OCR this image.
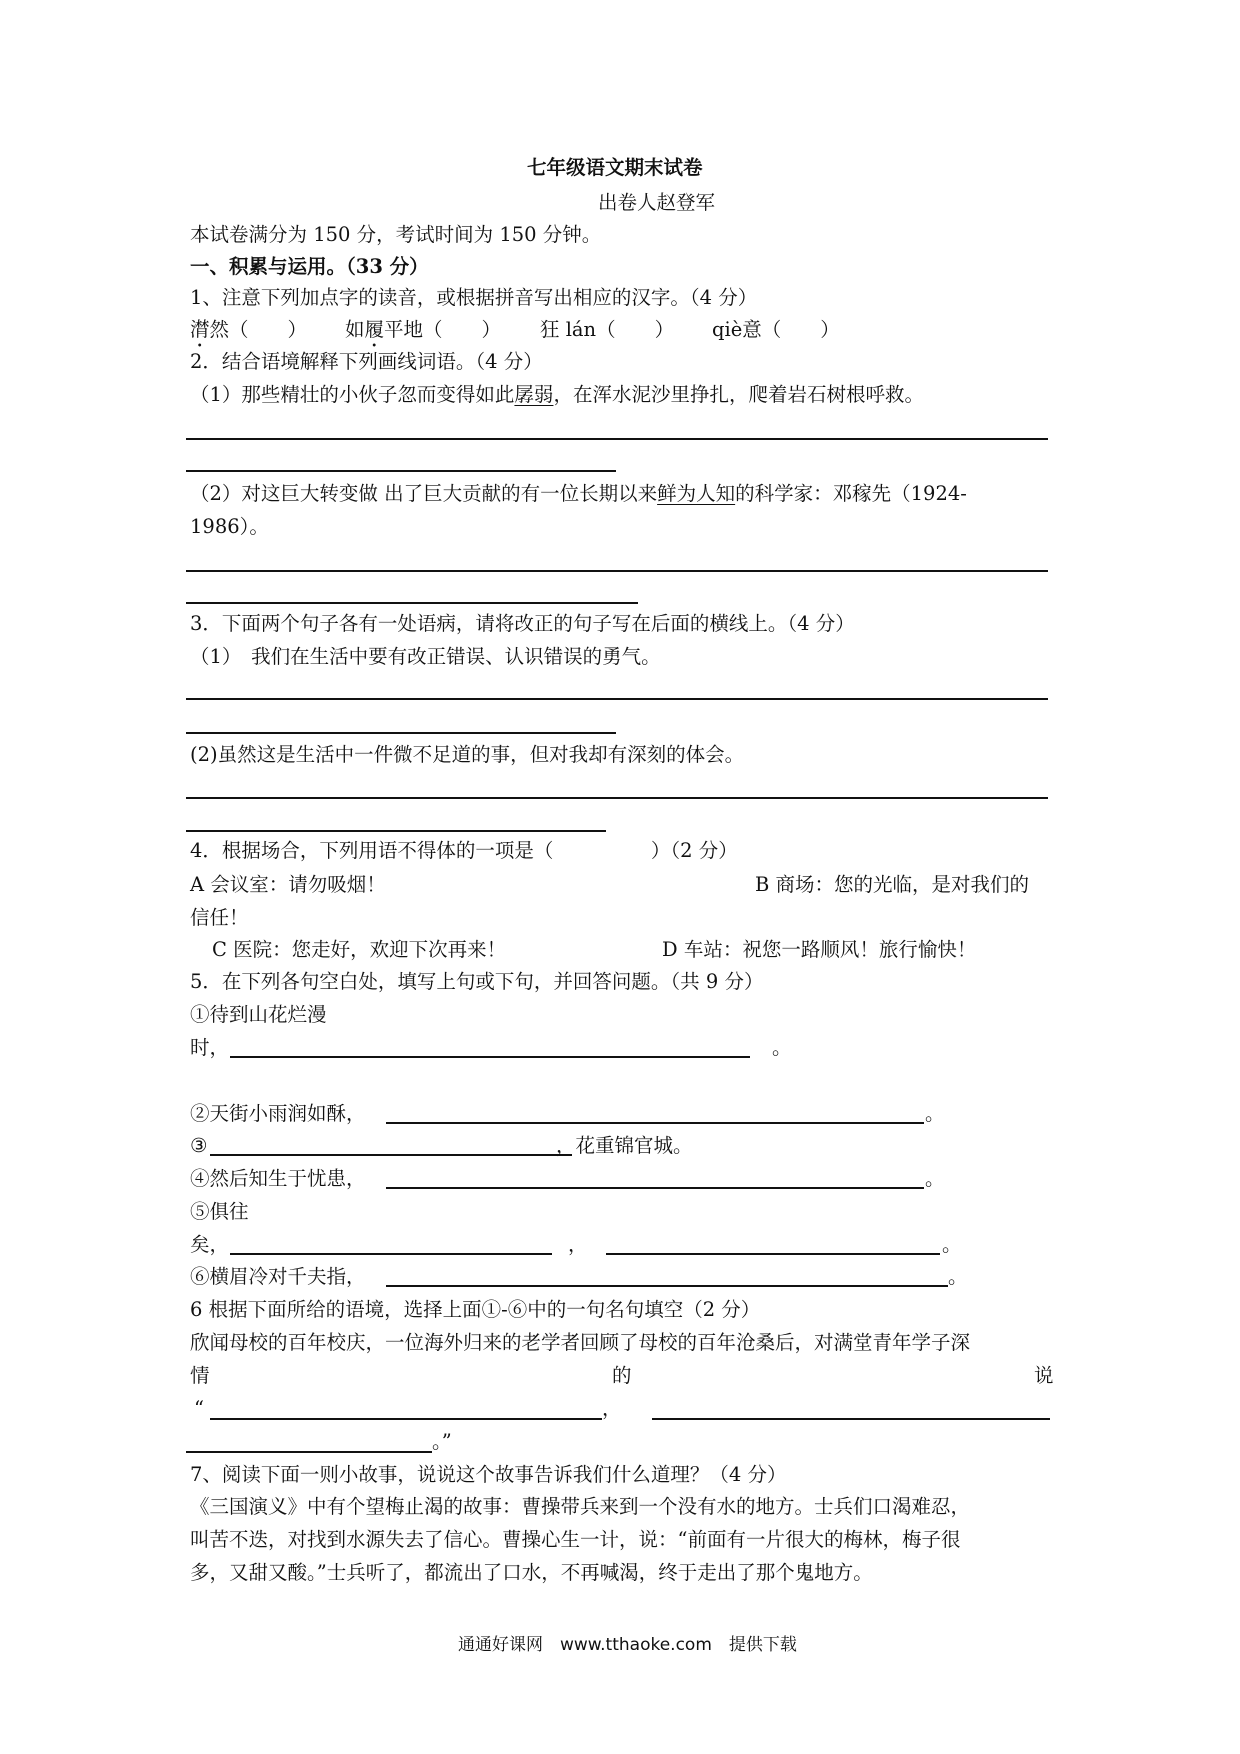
七年级语文期末试卷
出卷人赵登军
本试卷满分为 150 分，考试时间为 150 分钟。
一、积累与运用。（33 分）
1、注意下列加点字的读音，或根据拼音写出相应的汉字。（4 分）
潸然（　　） 如履平地（　　） 狂 lán（　　） qiè意（　　）
2．结合语境解释下列画线词语。（4 分）
（1）那些精壮的小伙子忽而变得如此孱弱，在浑水泥沙里挣扎，爬着岩石树根呼救。
（2）对这巨大转变做 出了巨大贡献的有一位长期以来鲜为人知的科学家：邓稼先（1924-
1986）。
3．下面两个句子各有一处语病，请将改正的句子写在后面的横线上。（4 分）
（1）　我们在生活中要有改正错误、认识错误的勇气。
(2)虽然这是生活中一件微不足道的事，但对我却有深刻的体会。
4．根据场合，下列用语不得体的一项是（　　　　　）（2 分）
A 会议室：请勿吸烟！	B 商场：您的光临，是对我们的
信任！
C 医院：您走好，欢迎下次再来！	D 车站：祝您一路顺风！旅行愉快！
5．在下列各句空白处，填写上句或下句，并回答问题。（共 9 分）
①待到山花烂漫
时，	。
②天街小雨润如酥，	。
③	，花重锦官城。
④然后知生于忧患，	。
⑤俱往
矣，	，	。
⑥横眉冷对千夫指，	。
6 根据下面所给的语境，选择上面①-⑥中的一句名句填空（2 分）
欣闻母校的百年校庆，一位海外归来的老学者回顾了母校的百年沧桑后，对满堂青年学子深
情	的	说
“	，
。”
7、阅读下面一则小故事，说说这个故事告诉我们什么道理？（4 分）
《三国演义》中有个望梅止渴的故事：曹操带兵来到一个没有水的地方。士兵们口渴难忍，
叫苦不迭，对找到水源失去了信心。曹操心生一计，说：“前面有一片很大的梅林，梅子很
多，又甜又酸。”士兵听了，都流出了口水，不再喊渴，终于走出了那个鬼地方。
通通好课网　www.tthaoke.com　提供下载
